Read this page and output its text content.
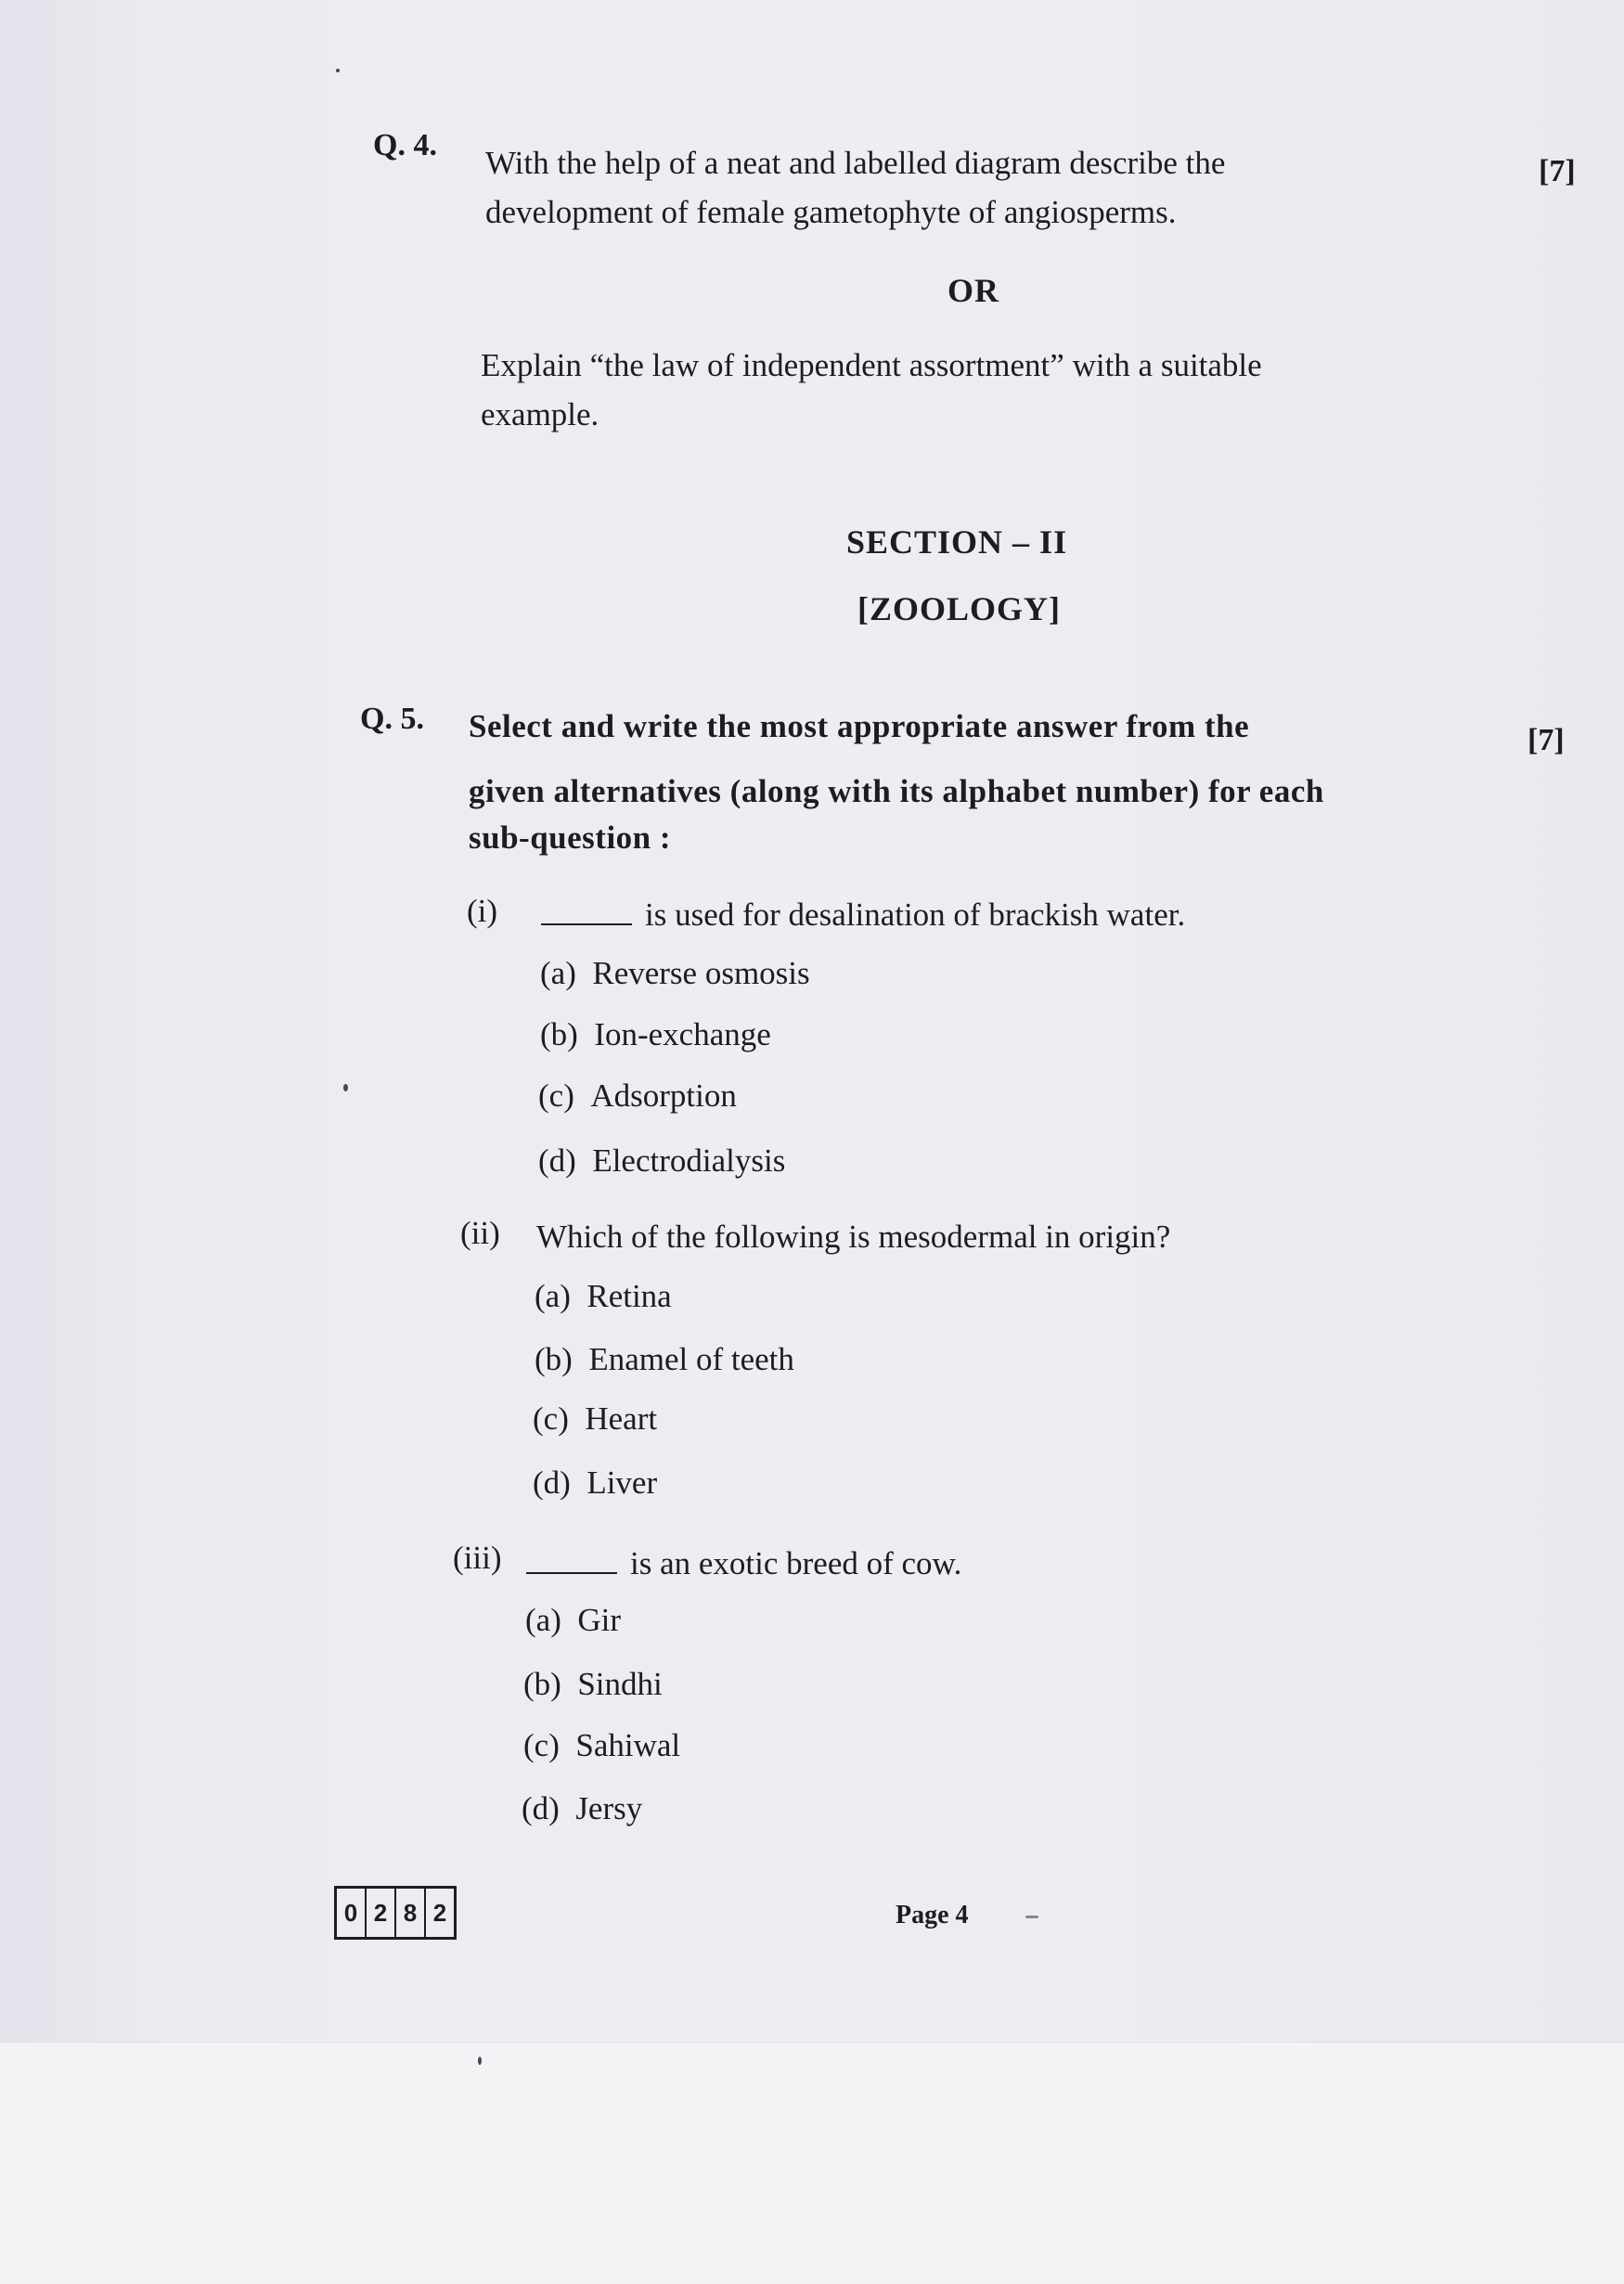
Q. 4. With the help of a neat and labelled diagram describe the
development of female gametophyte of angiosperms.
[7]
OR
Explain “the law of independent assortment” with a suitable
example.
SECTION – II
[ZOOLOGY]
Q. 5. Select and write the most appropriate answer from the
given alternatives (along with its alphabet number) for each
sub-question :
[7]
(i)	is used for desalination of brackish water.
(a) Reverse osmosis
(b) Ion-exchange
(c) Adsorption
(d) Electrodialysis
(ii) Which of the following is mesodermal in origin?
(a) Retina
(b) Enamel of teeth
(c) Heart
(d) Liver
(iii)	is an exotic breed of cow.
(a) Gir
(b) Sindhi
(c) Sahiwal
(d) Jersy
0 2 8 2	Page 4
